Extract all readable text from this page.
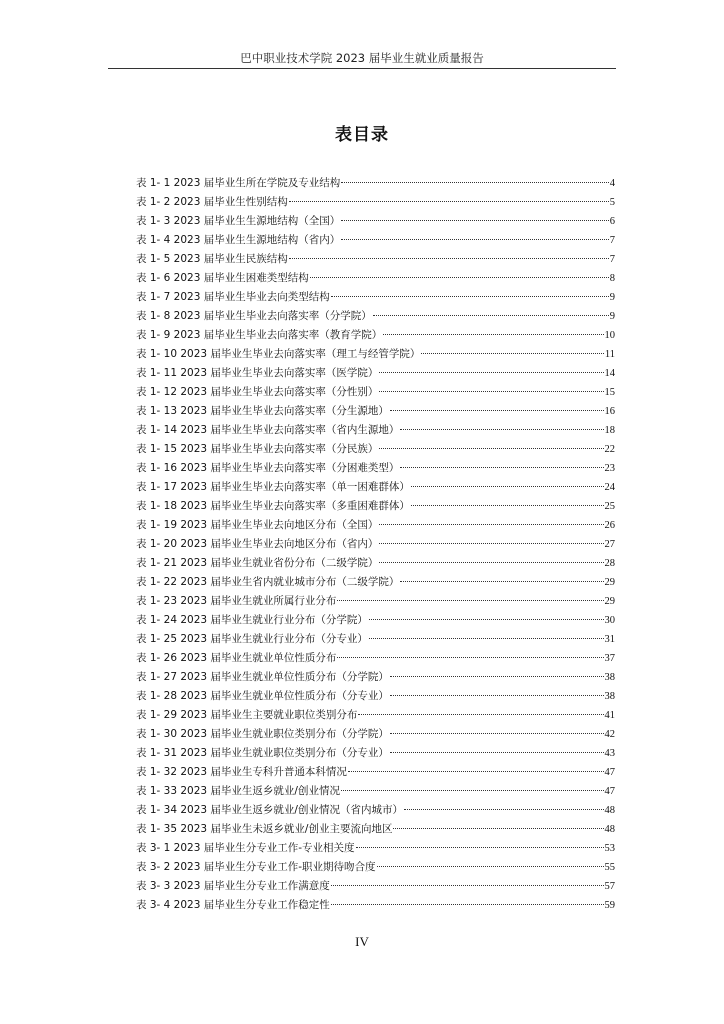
巴中职业技术学院 2023 届毕业生就业质量报告
表目录
表 1- 1 2023 届毕业生所在学院及专业结构	4
表 1- 2 2023 届毕业生性别结构	5
表 1- 3 2023 届毕业生生源地结构（全国）	6
表 1- 4 2023 届毕业生生源地结构（省内）	7
表 1- 5 2023 届毕业生民族结构	7
表 1- 6 2023 届毕业生困难类型结构	8
表 1- 7 2023 届毕业生毕业去向类型结构	9
表 1- 8 2023 届毕业生毕业去向落实率（分学院）	9
表 1- 9 2023 届毕业生毕业去向落实率（教育学院）	10
表 1- 10 2023 届毕业生毕业去向落实率（理工与经管学院）	11
表 1- 11 2023 届毕业生毕业去向落实率（医学院）	14
表 1- 12 2023 届毕业生毕业去向落实率（分性别）	15
表 1- 13 2023 届毕业生毕业去向落实率（分生源地）	16
表 1- 14 2023 届毕业生毕业去向落实率（省内生源地）	18
表 1- 15 2023 届毕业生毕业去向落实率（分民族）	22
表 1- 16 2023 届毕业生毕业去向落实率（分困难类型）	23
表 1- 17 2023 届毕业生毕业去向落实率（单一困难群体）	24
表 1- 18 2023 届毕业生毕业去向落实率（多重困难群体）	25
表 1- 19 2023 届毕业生毕业去向地区分布（全国）	26
表 1- 20 2023 届毕业生毕业去向地区分布（省内）	27
表 1- 21 2023 届毕业生就业省份分布（二级学院）	28
表 1- 22 2023 届毕业生省内就业城市分布（二级学院）	29
表 1- 23 2023 届毕业生就业所属行业分布	29
表 1- 24 2023 届毕业生就业行业分布（分学院）	30
表 1- 25 2023 届毕业生就业行业分布（分专业）	31
表 1- 26 2023 届毕业生就业单位性质分布	37
表 1- 27 2023 届毕业生就业单位性质分布（分学院）	38
表 1- 28 2023 届毕业生就业单位性质分布（分专业）	38
表 1- 29 2023 届毕业生主要就业职位类别分布	41
表 1- 30 2023 届毕业生就业职位类别分布（分学院）	42
表 1- 31 2023 届毕业生就业职位类别分布（分专业）	43
表 1- 32 2023 届毕业生专科升普通本科情况	47
表 1- 33 2023 届毕业生返乡就业/创业情况	47
表 1- 34 2023 届毕业生返乡就业/创业情况（省内城市）	48
表 1- 35 2023 届毕业生未返乡就业/创业主要流向地区	48
表 3- 1 2023 届毕业生分专业工作-专业相关度	53
表 3- 2 2023 届毕业生分专业工作-职业期待吻合度	55
表 3- 3 2023 届毕业生分专业工作满意度	57
表 3- 4 2023 届毕业生分专业工作稳定性	59
IV
